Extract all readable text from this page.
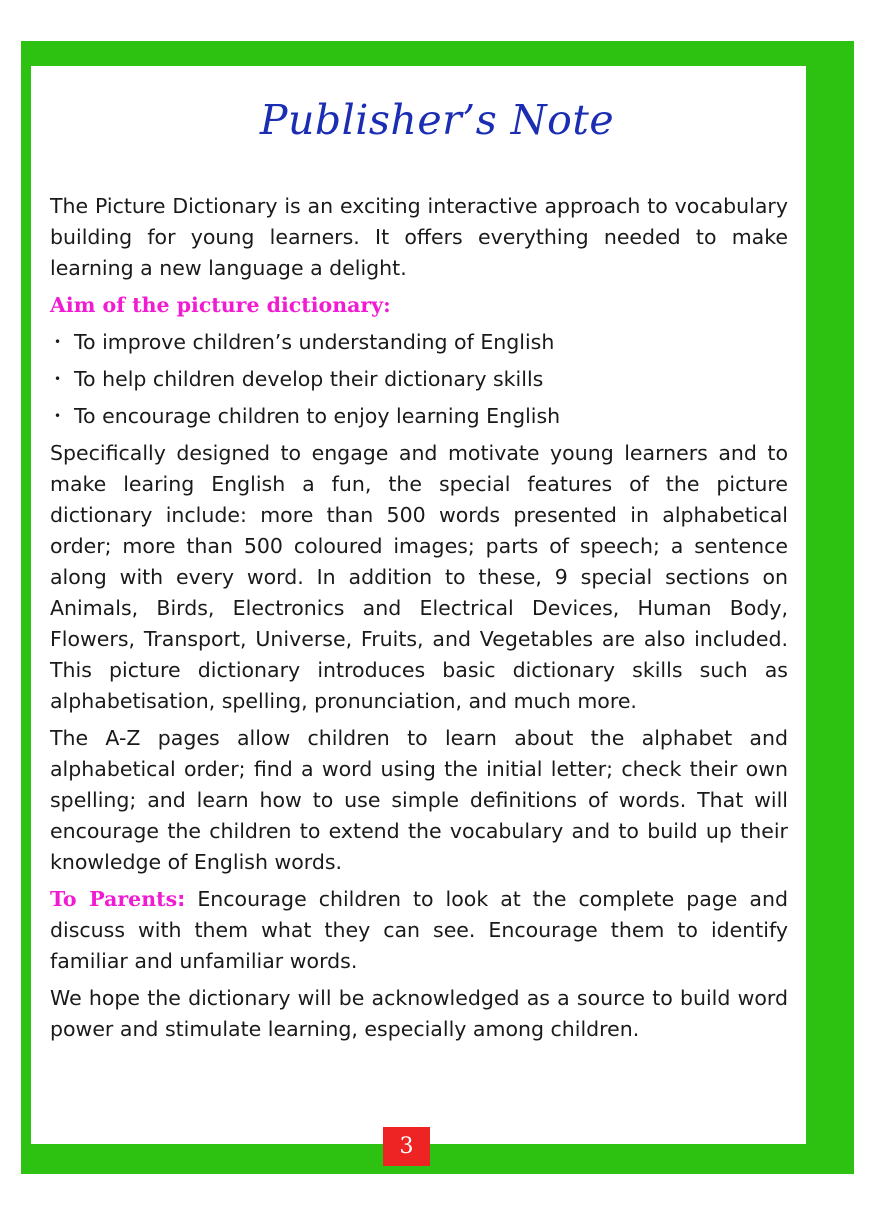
Publisher’s Note

The Picture Dictionary is an exciting interactive approach to vocabulary building for young learners. It offers everything needed to make learning a new language a delight.

Aim of the picture dictionary:
• To improve children’s understanding of English
• To help children develop their dictionary skills
• To encourage children to enjoy learning English

Specifically designed to engage and motivate young learners and to make learing English a fun, the special features of the picture dictionary include: more than 500 words presented in alphabetical order; more than 500 coloured images; parts of speech; a sentence along with every word. In addition to these, 9 special sections on Animals, Birds, Electronics and Electrical Devices, Human Body, Flowers, Transport, Universe, Fruits, and Vegetables are also included. This picture dictionary introduces basic dictionary skills such as alphabetisation, spelling, pronunciation, and much more.

The A-Z pages allow children to learn about the alphabet and alphabetical order; find a word using the initial letter; check their own spelling; and learn how to use simple definitions of words. That will encourage the children to extend the vocabulary and to build up their knowledge of English words.

To Parents: Encourage children to look at the complete page and discuss with them what they can see. Encourage them to identify familiar and unfamiliar words.

We hope the dictionary will be acknowledged as a source to build word power and stimulate learning, especially among children.

3
